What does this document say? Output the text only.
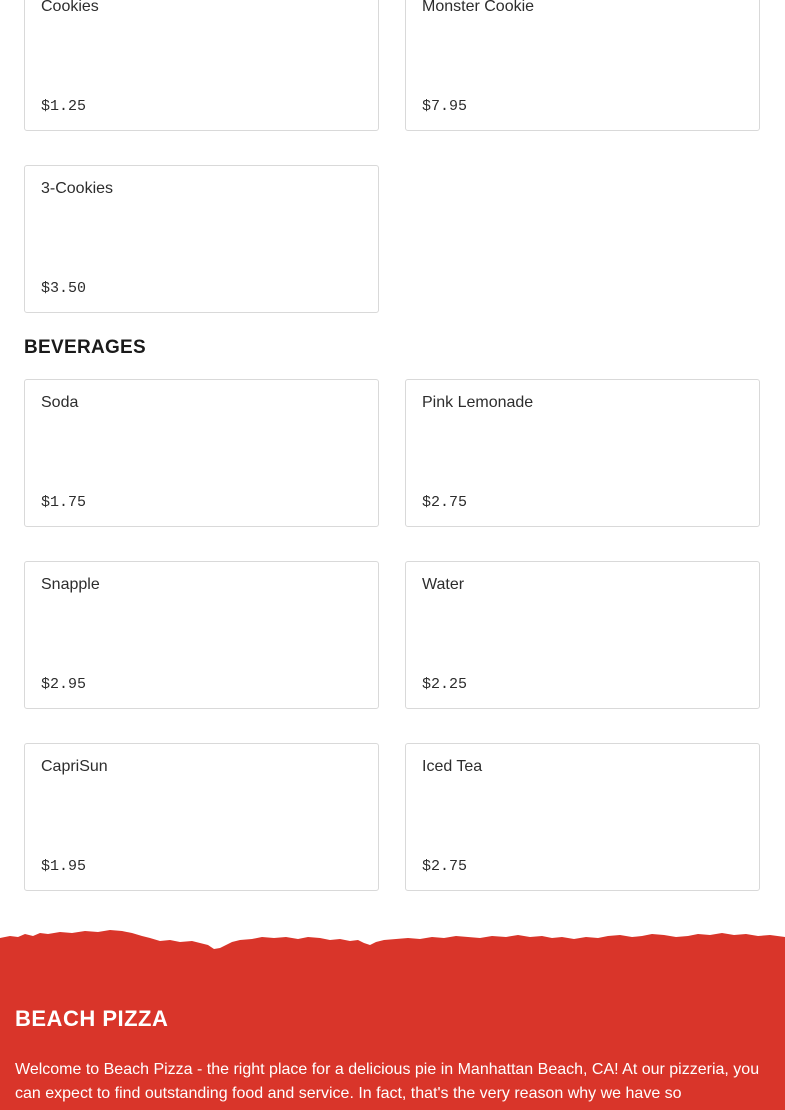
Cookies
$1.25
Monster Cookie
$7.95
3-Cookies
$3.50
BEVERAGES
Soda
$1.75
Pink Lemonade
$2.75
Snapple
$2.95
Water
$2.25
CapriSun
$1.95
Iced Tea
$2.75
BEACH PIZZA

Welcome to Beach Pizza - the right place for a delicious pie in Manhattan Beach, CA! At our pizzeria, you can expect to find outstanding food and service. In fact, that's the very reason why we have so
